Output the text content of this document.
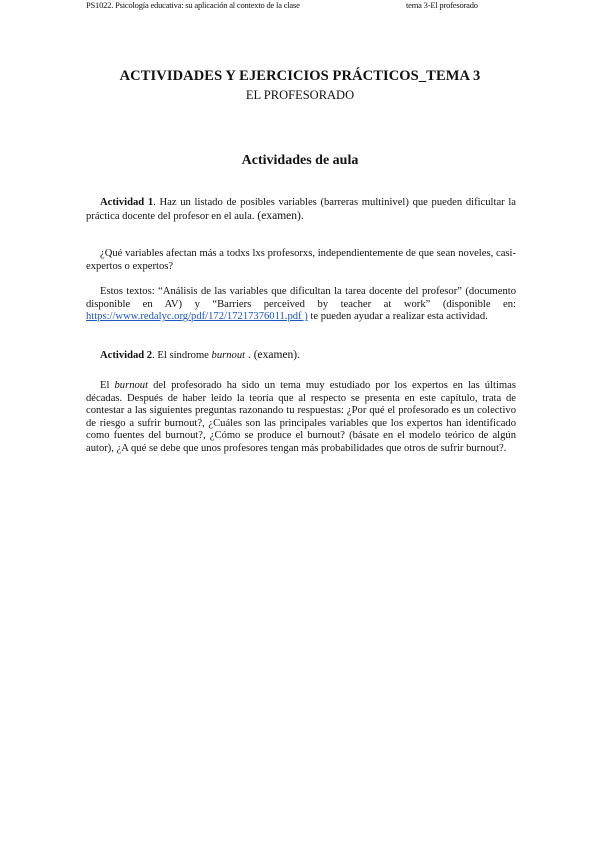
PS1022. Psicología educativa: su aplicación al contexto de la clase	tema 3-El profesorado
ACTIVIDADES Y EJERCICIOS PRÁCTICOS_TEMA 3
EL PROFESORADO
Actividades de aula
Actividad 1. Haz un listado de posibles variables (barreras multinivel) que pueden dificultar la práctica docente del profesor en el aula. (examen).
¿Qué variables afectan más a todxs lxs profesorxs, independientemente de que sean noveles, casi-expertos o expertos?
Estos textos: “Análisis de las variables que dificultan la tarea docente del profesor” (documento disponible en AV) y “Barriers perceived by teacher at work” (disponible en: https://www.redalyc.org/pdf/172/17217376011.pdf ) te pueden ayudar a realizar esta actividad.
Actividad 2. El síndrome burnout . (examen).
El burnout del profesorado ha sido un tema muy estudiado por los expertos en las últimas décadas. Después de haber leído la teoría que al respecto se presenta en este capítulo, trata de contestar a las siguientes preguntas razonando tu respuestas: ¿Por qué el profesorado es un colectivo de riesgo a sufrir burnout?, ¿Cuáles son las principales variables que los expertos han identificado como fuentes del burnout?, ¿Cómo se produce el burnout? (básate en el modelo teórico de algún autor), ¿A qué se debe que unos profesores tengan más probabilidades que otros de sufrir burnout?.
